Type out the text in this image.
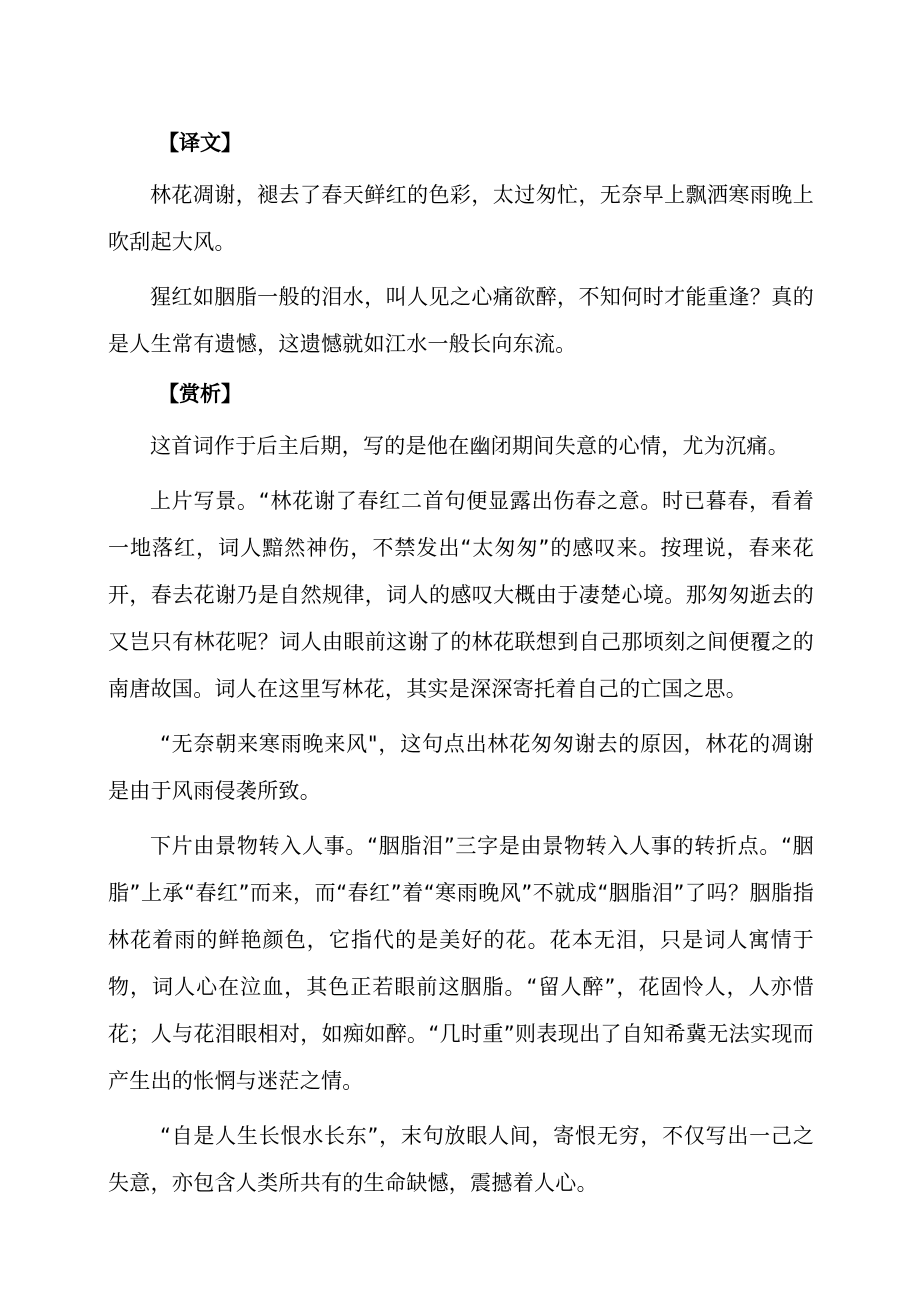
【译文】

林花凋谢，褪去了春天鲜红的色彩，太过匆忙，无奈早上飘洒寒雨晚上吹刮起大风。

猩红如胭脂一般的泪水，叫人见之心痛欲醉，不知何时才能重逢？真的是人生常有遗憾，这遗憾就如江水一般长向东流。

【赏析】

这首词作于后主后期，写的是他在幽闭期间失意的心情，尤为沉痛。

上片写景。“林花谢了春红二首句便显露出伤春之意。时已暮春，看着一地落红，词人黯然神伤，不禁发出“太匆匆”的感叹来。按理说，春来花开，春去花谢乃是自然规律，词人的感叹大概由于凄楚心境。那匆匆逝去的又岂只有林花呢？词人由眼前这谢了的林花联想到自己那顷刻之间便覆之的南唐故国。词人在这里写林花，其实是深深寄托着自己的亡国之思。

“无奈朝来寒雨晚来风"，这句点出林花匆匆谢去的原因，林花的凋谢是由于风雨侵袭所致。

下片由景物转入人事。“胭脂泪”三字是由景物转入人事的转折点。“胭脂”上承“春红”而来，而“春红”着“寒雨晚风”不就成“胭脂泪”了吗？胭脂指林花着雨的鲜艳颜色，它指代的是美好的花。花本无泪，只是词人寓情于物，词人心在泣血，其色正若眼前这胭脂。“留人醉”，花固怜人，人亦惜花；人与花泪眼相对，如痴如醉。“几时重”则表现出了自知希冀无法实现而产生出的怅惘与迷茫之情。

“自是人生长恨水长东”，末句放眼人间，寄恨无穷，不仅写出一己之失意，亦包含人类所共有的生命缺憾，震撼着人心。
